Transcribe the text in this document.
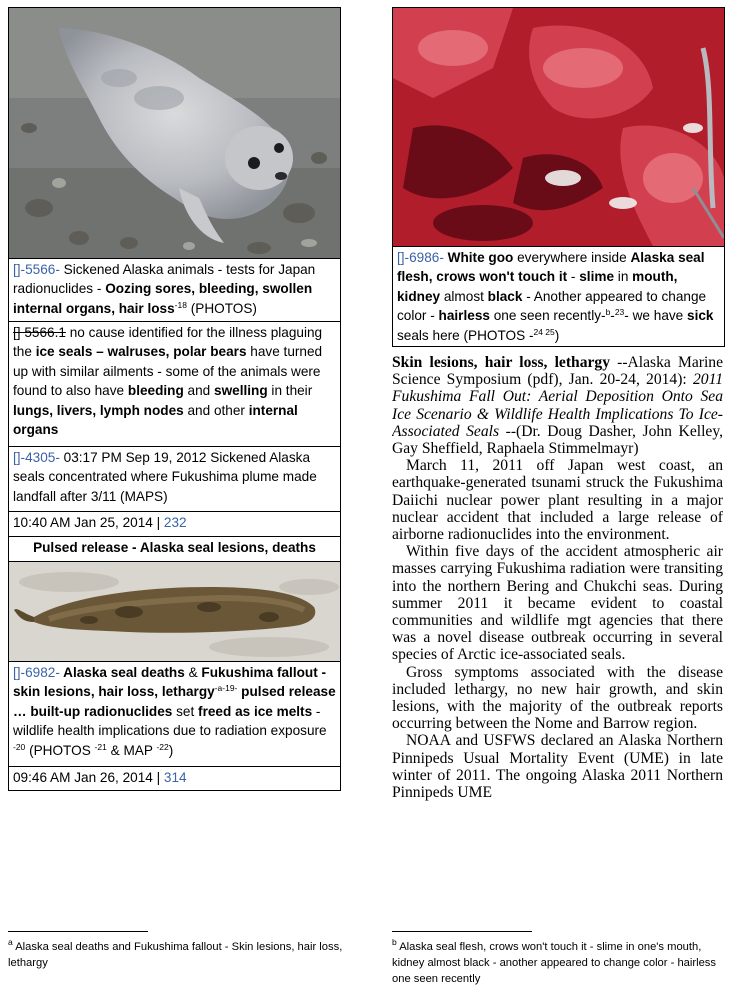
[]-5566- Sickened Alaska animals - tests for Japan radionuclides - Oozing sores, bleeding, swollen internal organs, hair loss$^{-18}$ (PHOTOS)
[] 5566.1 no cause identified for the illness plaguing the ice seals – walruses, polar bears have turned up with similar ailments - some of the animals were found to also have bleeding and swelling in their lungs, livers, lymph nodes and other internal organs
[]-4305- 03:17 PM Sep 19, 2012 Sickened Alaska seals concentrated where Fukushima plume made landfall after 3/11 (MAPS)
10:40 AM Jan 25, 2014 | 232
Pulsed release - Alaska seal lesions, deaths
[]-6982- Alaska seal deaths & Fukushima fallout - skin lesions, hair loss, lethargy$^{-a-19-}$ pulsed release … built-up radionuclides set freed as ice melts - wildlife health implications due to radiation exposure $^{-20}$ (PHOTOS $^{-21}$ & MAP $^{-22}$)
09:46 AM Jan 26, 2014 | 314
[]-6986- White goo everywhere inside Alaska seal flesh, crows won't touch it - slime in mouth, kidney almost black - Another appeared to change color - hairless one seen recently-$^b$-$^{23}$- we have sick seals here (PHOTOS -$^{24 25}$)

Skin lesions, hair loss, lethargy --Alaska Marine Science Symposium (pdf), Jan. 20-24, 2014): 2011 Fukushima Fall Out: Aerial Deposition Onto Sea Ice Scenario & Wildlife Health Implications To Ice-Associated Seals --(Dr. Doug Dasher, John Kelley, Gay Sheffield, Raphaela Stimmelmayr)

March 11, 2011 off Japan west coast, an earthquake-generated tsunami struck the Fukushima Daiichi nuclear power plant resulting in a major nuclear accident that included a large release of airborne radionuclides into the environment.

Within five days of the accident atmospheric air masses carrying Fukushima radiation were transiting into the northern Bering and Chukchi seas. During summer 2011 it became evident to coastal communities and wildlife mgt agencies that there was a novel disease outbreak occurring in several species of Arctic ice-associated seals.

Gross symptoms associated with the disease included lethargy, no new hair growth, and skin lesions, with the majority of the outbreak reports occurring between the Nome and Barrow region.

NOAA and USFWS declared an Alaska Northern Pinnipeds Usual Mortality Event (UME) in late winter of 2011. The ongoing Alaska 2011 Northern Pinnipeds UME

$^a$ Alaska seal deaths and Fukushima fallout - Skin lesions, hair loss, lethargy
$^b$ Alaska seal flesh, crows won't touch it - slime in one's mouth, kidney almost black - another appeared to change color - hairless one seen recently
